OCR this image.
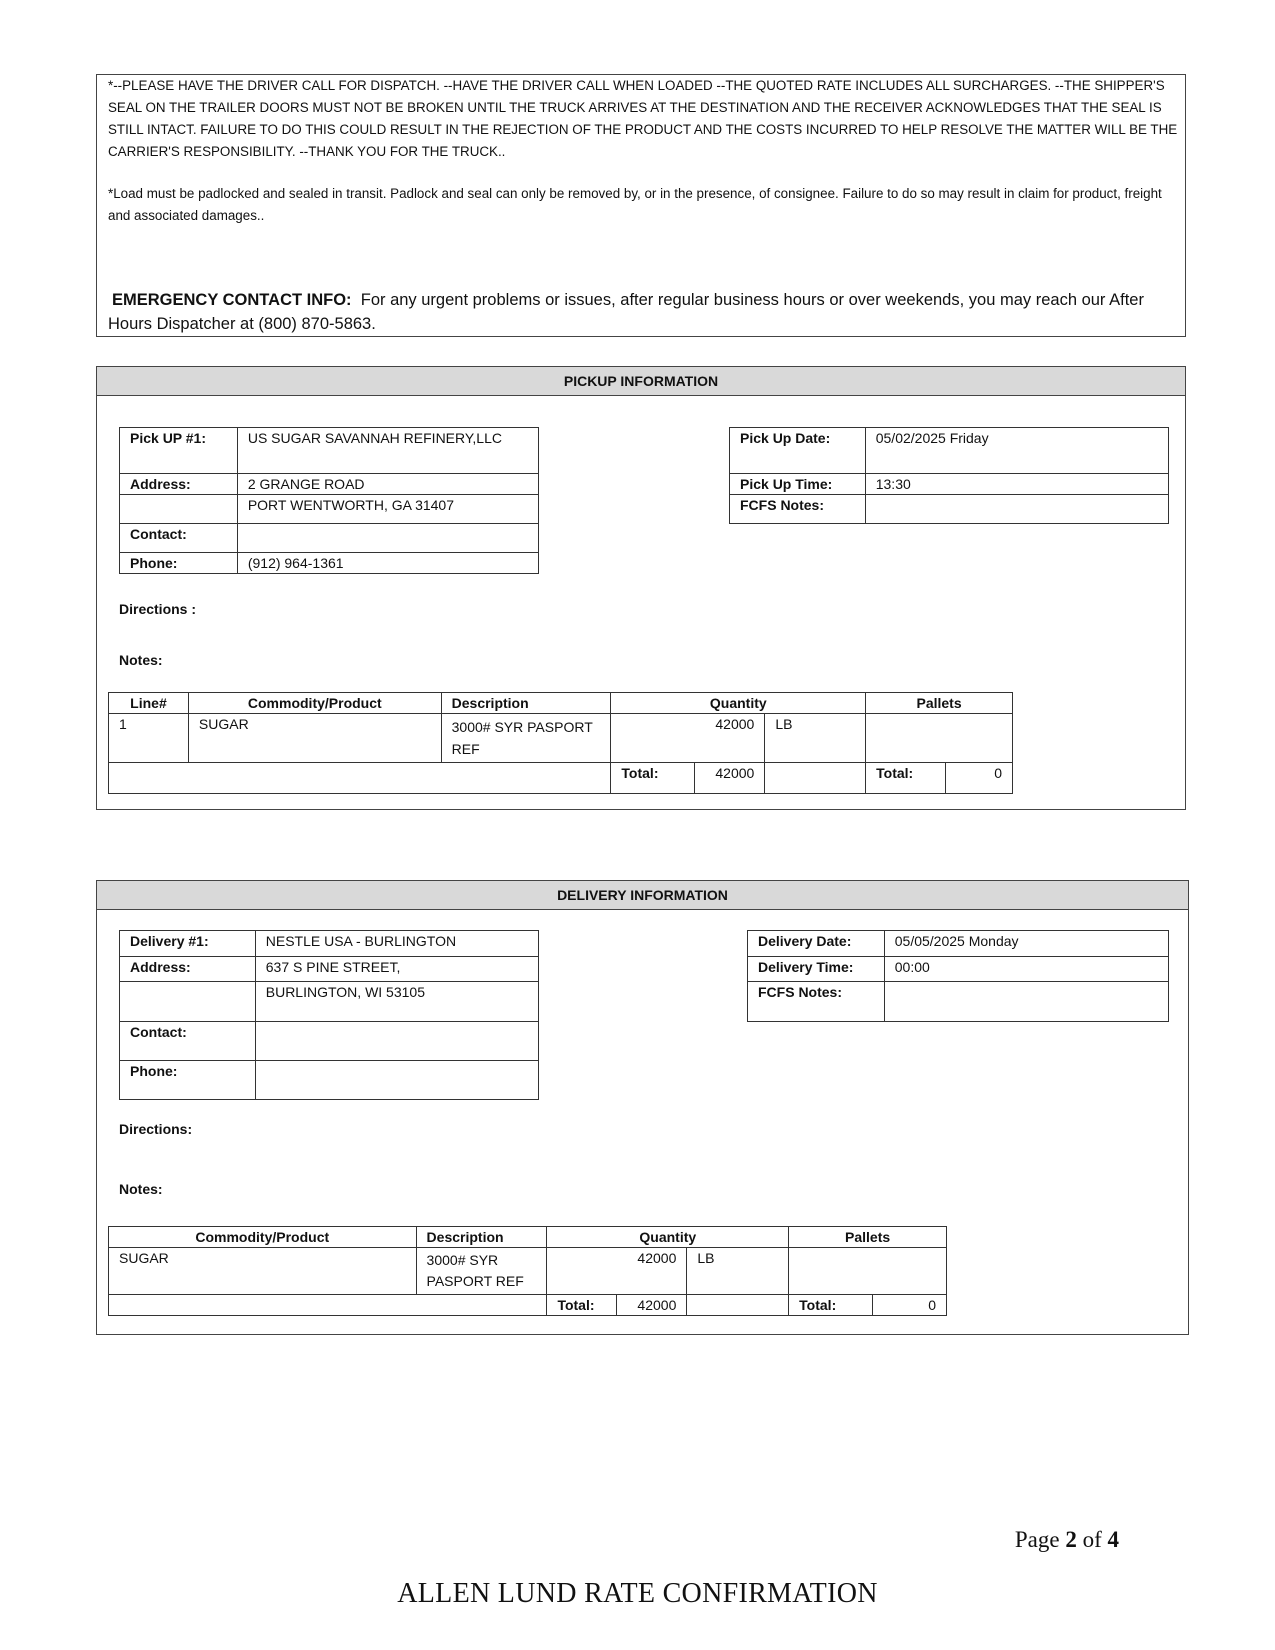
*--PLEASE HAVE THE DRIVER CALL FOR DISPATCH. --HAVE THE DRIVER CALL WHEN LOADED --THE QUOTED RATE INCLUDES ALL SURCHARGES. --THE SHIPPER'S SEAL ON THE TRAILER DOORS MUST NOT BE BROKEN UNTIL THE TRUCK ARRIVES AT THE DESTINATION AND THE RECEIVER ACKNOWLEDGES THAT THE SEAL IS STILL INTACT. FAILURE TO DO THIS COULD RESULT IN THE REJECTION OF THE PRODUCT AND THE COSTS INCURRED TO HELP RESOLVE THE MATTER WILL BE THE CARRIER'S RESPONSIBILITY. --THANK YOU FOR THE TRUCK..
*Load must be padlocked and sealed in transit. Padlock and seal can only be removed by, or in the presence, of consignee. Failure to do so may result in claim for product, freight and associated damages..
EMERGENCY CONTACT INFO: For any urgent problems or issues, after regular business hours or over weekends, you may reach our After Hours Dispatcher at (800) 870-5863.
PICKUP INFORMATION
Pick UP #1:	US SUGAR SAVANNAH REFINERY,LLC
Address:	2 GRANGE ROAD
	PORT WENTWORTH, GA 31407
Contact:	
Phone:	(912) 964-1361
Pick Up Date:	05/02/2025 Friday
Pick Up Time:	13:30
FCFS Notes:	
Directions :
Notes:
Line#	Commodity/Product	Description	Quantity			Pallets	
1	SUGAR	3000# SYR PASPORT REF	42000		LB		
			Total:	42000		Total:	0
DELIVERY INFORMATION
Delivery #1:	NESTLE USA - BURLINGTON
Address:	637 S PINE STREET,
	BURLINGTON, WI 53105
Contact:	
Phone:	
Delivery Date:	05/05/2025 Monday
Delivery Time:	00:00
FCFS Notes:	
Directions:
Notes:
Commodity/Product	Description	Quantity			Pallets	
SUGAR	3000# SYR PASPORT REF	42000		LB		
		Total:	42000		Total:	0
Page 2 of 4
ALLEN LUND RATE CONFIRMATION
